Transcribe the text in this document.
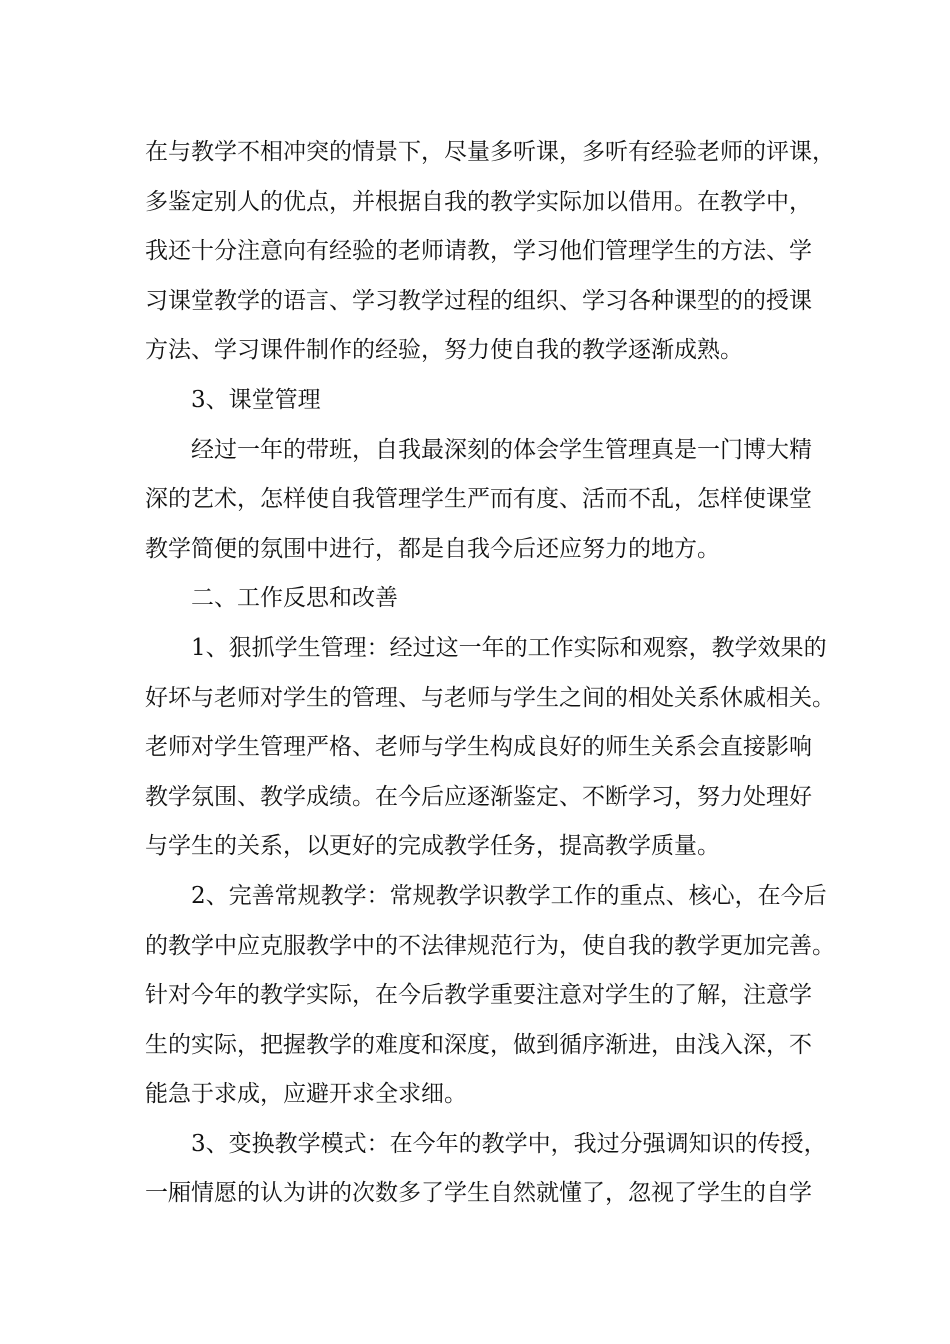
在与教学不相冲突的情景下，尽量多听课，多听有经验老师的评课，
多鉴定别人的优点，并根据自我的教学实际加以借用。在教学中，
我还十分注意向有经验的老师请教，学习他们管理学生的方法、学
习课堂教学的语言、学习教学过程的组织、学习各种课型的的授课
方法、学习课件制作的经验，努力使自我的教学逐渐成熟。
3、课堂管理
经过一年的带班，自我最深刻的体会学生管理真是一门博大精
深的艺术，怎样使自我管理学生严而有度、活而不乱，怎样使课堂
教学简便的氛围中进行，都是自我今后还应努力的地方。
二、工作反思和改善
1、狠抓学生管理：经过这一年的工作实际和观察，教学效果的
好坏与老师对学生的管理、与老师与学生之间的相处关系休戚相关。
老师对学生管理严格、老师与学生构成良好的师生关系会直接影响
教学氛围、教学成绩。在今后应逐渐鉴定、不断学习，努力处理好
与学生的关系，以更好的完成教学任务，提高教学质量。
2、完善常规教学：常规教学识教学工作的重点、核心，在今后
的教学中应克服教学中的不法律规范行为，使自我的教学更加完善。
针对今年的教学实际，在今后教学重要注意对学生的了解，注意学
生的实际，把握教学的难度和深度，做到循序渐进，由浅入深，不
能急于求成，应避开求全求细。
3、变换教学模式：在今年的教学中，我过分强调知识的传授，
一厢情愿的认为讲的次数多了学生自然就懂了，忽视了学生的自学
